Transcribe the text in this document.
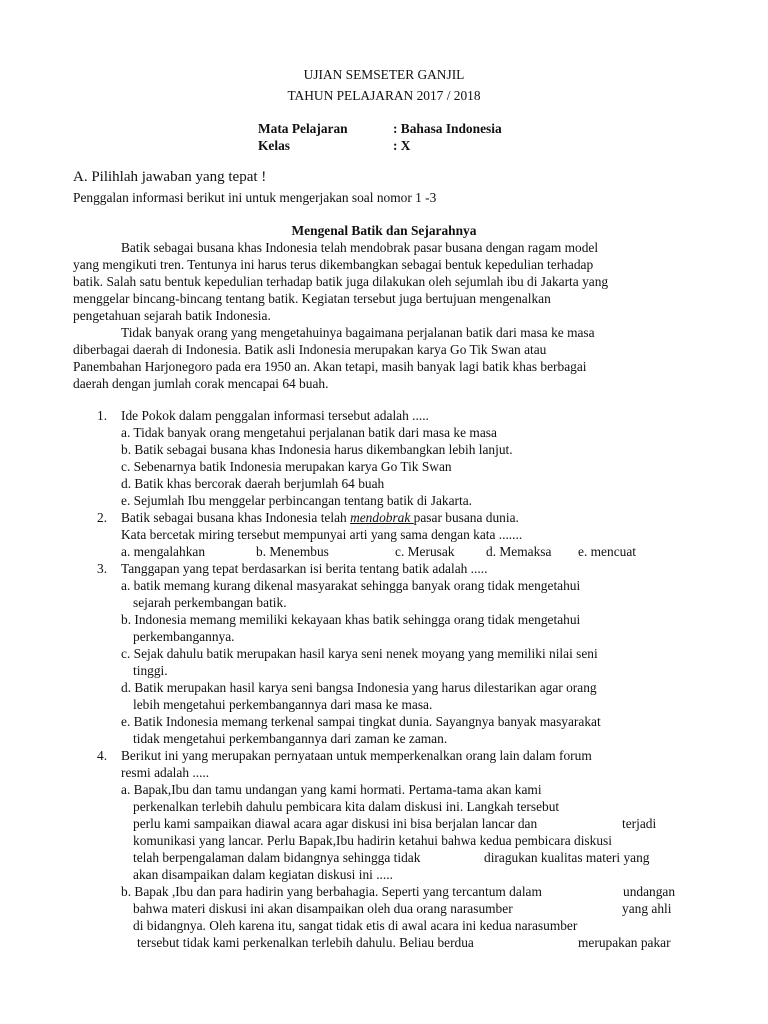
UJIAN SEMSETER GANJIL
TAHUN PELAJARAN 2017 / 2018
Mata Pelajaran	: Bahasa Indonesia
Kelas	: X
A. Pilihlah jawaban yang tepat !
Penggalan informasi berikut ini untuk mengerjakan soal nomor 1 -3
Mengenal Batik dan Sejarahnya
Batik sebagai busana khas Indonesia telah mendobrak pasar busana dengan ragam model
yang mengikuti tren. Tentunya ini harus terus dikembangkan sebagai bentuk kepedulian terhadap
batik. Salah satu bentuk kepedulian terhadap batik juga dilakukan oleh sejumlah ibu di Jakarta yang
menggelar bincang-bincang tentang batik. Kegiatan tersebut juga bertujuan mengenalkan
pengetahuan sejarah batik Indonesia.
Tidak banyak orang yang mengetahuinya bagaimana perjalanan batik dari masa ke masa
diberbagai daerah di Indonesia. Batik asli Indonesia merupakan karya Go Tik Swan atau
Panembahan Harjonegoro pada era 1950 an. Akan tetapi, masih banyak lagi batik khas berbagai
daerah dengan jumlah corak mencapai 64 buah.
1. Ide Pokok dalam penggalan informasi tersebut adalah .....
a. Tidak banyak orang mengetahui perjalanan batik dari masa ke masa
b. Batik sebagai busana khas Indonesia harus dikembangkan lebih lanjut.
c. Sebenarnya batik Indonesia merupakan karya Go Tik Swan
d. Batik khas bercorak daerah berjumlah 64 buah
e. Sejumlah Ibu menggelar perbincangan tentang batik di Jakarta.
2. Batik sebagai busana khas Indonesia telah mendobrak pasar busana dunia.
Kata bercetak miring tersebut mempunyai arti yang sama dengan kata .......
a. mengalahkan	b. Menembus	c. Merusak d. Memaksa e. mencuat
3. Tanggapan yang tepat berdasarkan isi berita tentang batik adalah .....
a. batik memang kurang dikenal masyarakat sehingga banyak orang tidak mengetahui
sejarah perkembangan batik.
b. Indonesia memang memiliki kekayaan khas batik sehingga orang tidak mengetahui
perkembangannya.
c. Sejak dahulu batik merupakan hasil karya seni nenek moyang yang memiliki nilai seni
tinggi.
d. Batik merupakan hasil karya seni bangsa Indonesia yang harus dilestarikan agar orang
lebih mengetahui perkembangannya dari masa ke masa.
e. Batik Indonesia memang terkenal sampai tingkat dunia. Sayangnya banyak masyarakat
tidak mengetahui perkembangannya dari zaman ke zaman.
4. Berikut ini yang merupakan pernyataan untuk memperkenalkan orang lain dalam forum
resmi adalah .....
a. Bapak,Ibu dan tamu undangan yang kami hormati. Pertama-tama akan kami
perkenalkan terlebih dahulu pembicara kita dalam diskusi ini. Langkah tersebut
perlu kami sampaikan diawal acara agar diskusi ini bisa berjalan lancar dan	terjadi
komunikasi yang lancar. Perlu Bapak,Ibu hadirin ketahui bahwa kedua pembicara diskusi
telah berpengalaman dalam bidangnya sehingga tidak	diragukan kualitas materi yang
akan disampaikan dalam kegiatan diskusi ini .....
b. Bapak ,Ibu dan para hadirin yang berbahagia. Seperti yang tercantum dalam	undangan
bahwa materi diskusi ini akan disampaikan oleh dua orang narasumber	yang ahli
di bidangnya. Oleh karena itu, sangat tidak etis di awal acara ini kedua narasumber
tersebut tidak kami perkenalkan terlebih dahulu. Beliau berdua	merupakan pakar
